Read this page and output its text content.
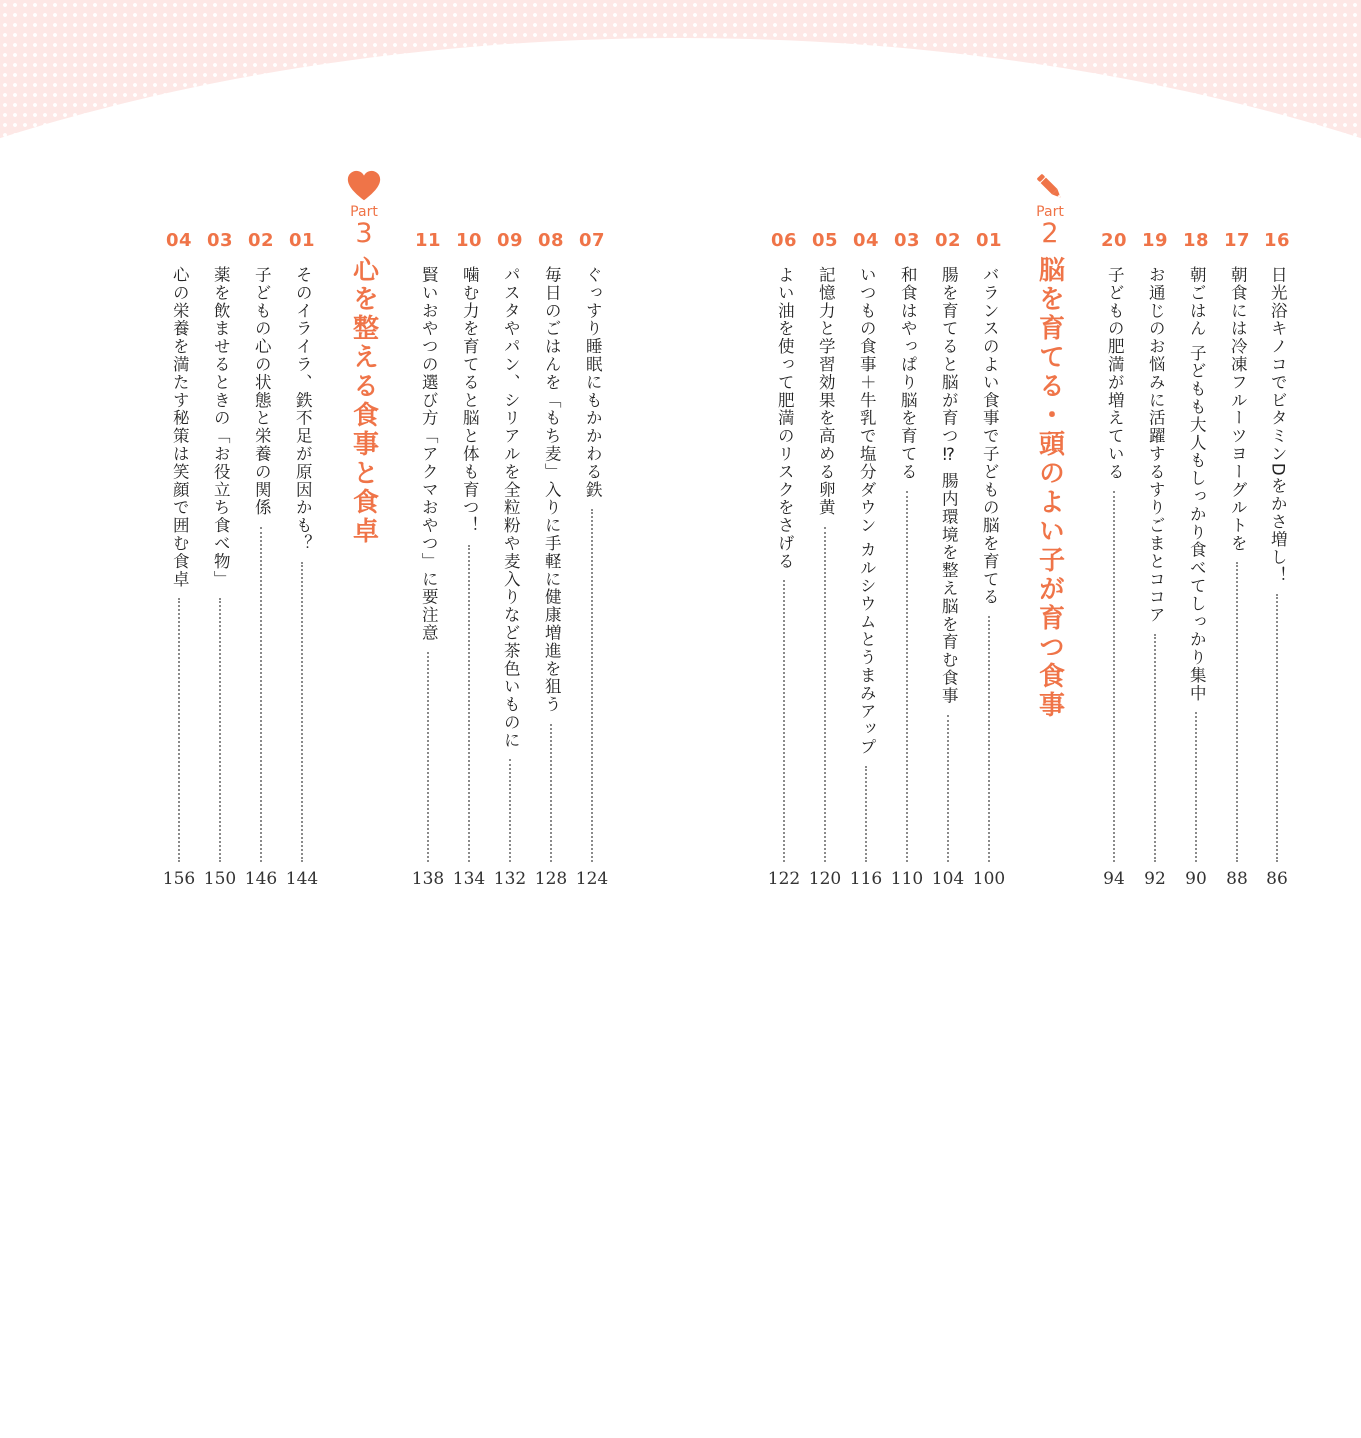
16
日光浴キノコでビタミンDをかさ増し！
86
17
朝食には冷凍フルーツヨーグルトを
88
18
朝ごはん 子どもも大人もしっかり食べてしっかり集中
90
19
お通じのお悩みに活躍するすりごまとココア
92
20
子どもの肥満が増えている
94
Part
2
脳を育てる・頭のよい子が育つ食事
01
バランスのよい食事で子どもの脳を育てる
100
02
腸を育てると脳が育つ⁉ 腸内環境を整え脳を育む食事
104
03
和食はやっぱり脳を育てる
110
04
いつもの食事＋牛乳で塩分ダウン カルシウムとうまみアップ
116
05
記憶力と学習効果を高める卵黄
120
06
よい油を使って肥満のリスクをさげる
122
07
ぐっすり睡眠にもかかわる鉄
124
08
毎日のごはんを「もち麦」入りに手軽に健康増進を狙う
128
09
パスタやパン、シリアルを全粒粉や麦入りなど茶色いものに
132
10
噛む力を育てると脳と体も育つ！
134
11
賢いおやつの選び方「アクマおやつ」に要注意
138
Part
3
心を整える食事と食卓
01
そのイライラ、鉄不足が原因かも？
144
02
子どもの心の状態と栄養の関係
146
03
薬を飲ませるときの「お役立ち食べ物」
150
04
心の栄養を満たす秘策は笑顔で囲む食卓
156
